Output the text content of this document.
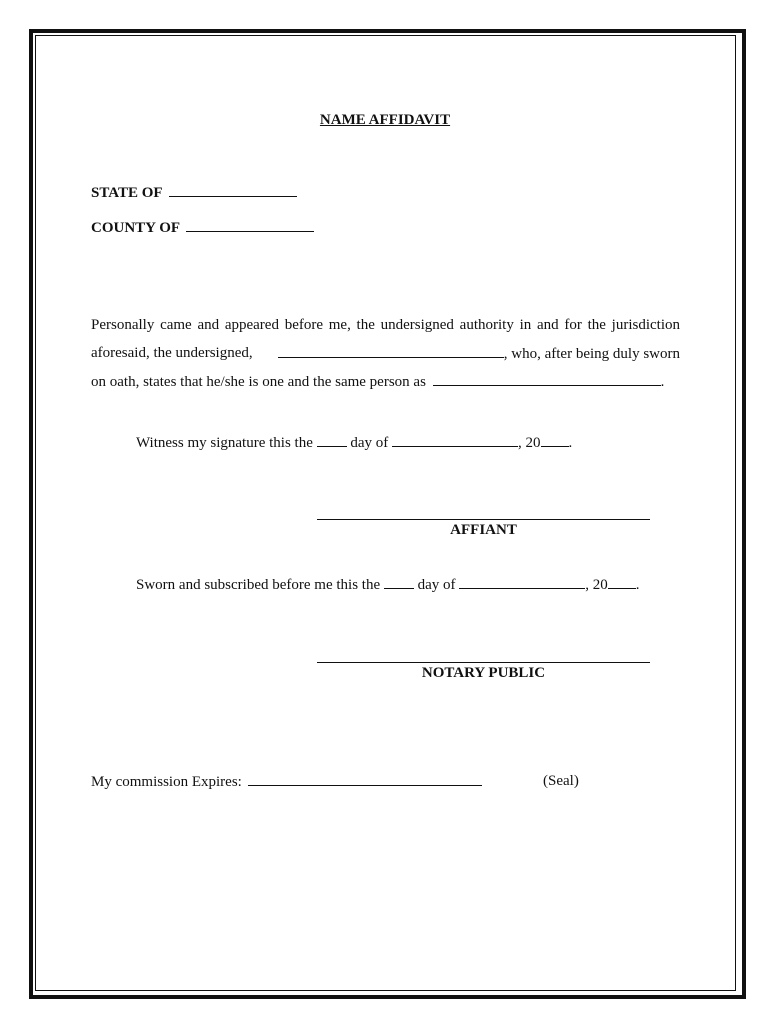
NAME AFFIDAVIT
STATE OF
COUNTY OF
Personally came and appeared before me, the undersigned authority in and for the jurisdiction
aforesaid, the undersigned,	, who, after being duly sworn
on oath, states that he/she is one and the same person as	.
Witness my signature this the	day of	, 20 .
AFFIANT
Sworn and subscribed before me this the	day of	, 20 .
NOTARY PUBLIC
My commission Expires:	(Seal)
